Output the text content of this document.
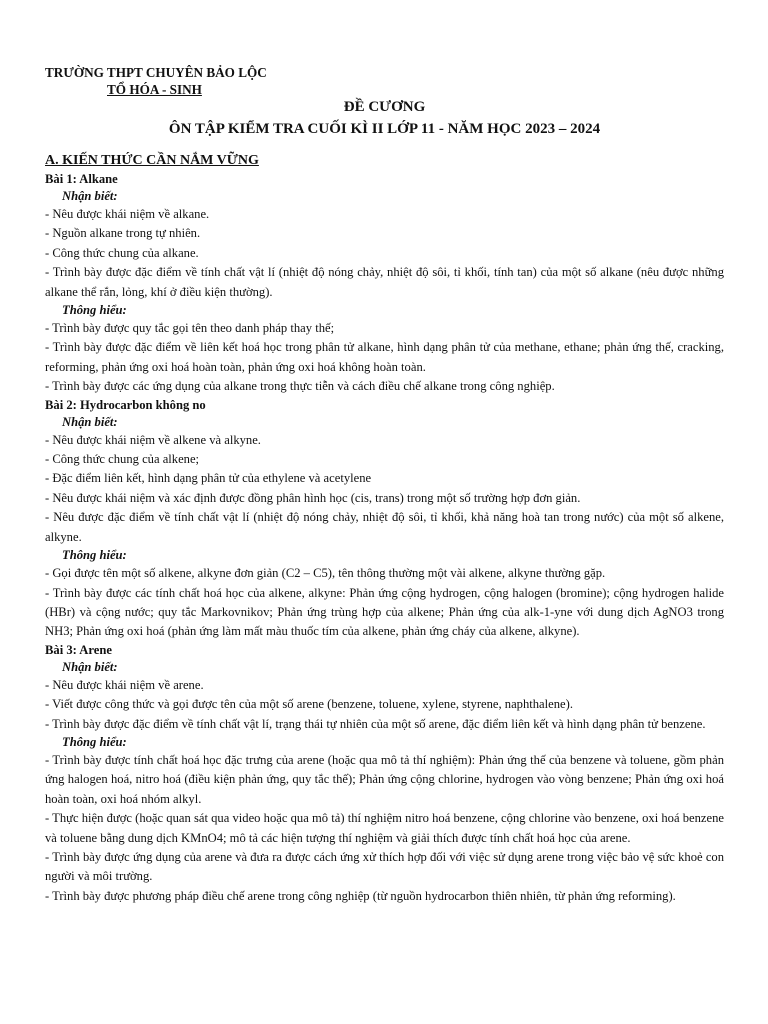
TRƯỜNG THPT CHUYÊN BẢO LỘC

TỔ HÓA - SINH

ĐỀ CƯƠNG

ÔN TẬP KIỂM TRA CUỐI KÌ II LỚP 11 - NĂM HỌC 2023 – 2024

A. KIẾN THỨC CẦN NẮM VỮNG

Bài 1: Alkane

Nhận biết:

- Nêu được khái niệm về alkane.

- Nguồn alkane trong tự nhiên.

- Công thức chung của alkane.

- Trình bày được đặc điểm về tính chất vật lí (nhiệt độ nóng chảy, nhiệt độ sôi, tỉ khối, tính tan) của một số alkane (nêu được những alkane thể rắn, lỏng, khí ở điều kiện thường).

Thông hiểu:

- Trình bày được quy tắc gọi tên theo danh pháp thay thế;

- Trình bày được đặc điểm về liên kết hoá học trong phân tử alkane, hình dạng phân tử của methane, ethane; phản ứng thế, cracking, reforming, phản ứng oxi hoá hoàn toàn, phản ứng oxi hoá không hoàn toàn.

- Trình bày được các ứng dụng của alkane trong thực tiễn và cách điều chế alkane trong công nghiệp.

Bài 2: Hydrocarbon không no

Nhận biết:

- Nêu được khái niệm về alkene và alkyne.

- Công thức chung của alkene;

- Đặc điểm liên kết, hình dạng phân tử của ethylene và acetylene

- Nêu được khái niệm và xác định được đồng phân hình học (cis, trans) trong một số trường hợp đơn giản.

- Nêu được đặc điểm về tính chất vật lí (nhiệt độ nóng chảy, nhiệt độ sôi, tỉ khối, khả năng hoà tan trong nước) của một số alkene, alkyne.

Thông hiểu:

- Gọi được tên một số alkene, alkyne đơn giản (C2 – C5), tên thông thường một vài alkene, alkyne thường gặp.

- Trình bày được các tính chất hoá học của alkene, alkyne: Phản ứng cộng hydrogen, cộng halogen (bromine); cộng hydrogen halide (HBr) và cộng nước; quy tắc Markovnikov; Phản ứng trùng hợp của alkene; Phản ứng của alk-1-yne với dung dịch AgNO3 trong NH3; Phản ứng oxi hoá (phản ứng làm mất màu thuốc tím của alkene, phản ứng cháy của alkene, alkyne).

Bài 3: Arene

Nhận biết:

- Nêu được khái niệm về arene.

- Viết được công thức và gọi được tên của một số arene (benzene, toluene, xylene, styrene, naphthalene).

- Trình bày được đặc điểm về tính chất vật lí, trạng thái tự nhiên của một số arene, đặc điểm liên kết và hình dạng phân tử benzene.

Thông hiểu:

- Trình bày được tính chất hoá học đặc trưng của arene (hoặc qua mô tả thí nghiệm): Phản ứng thế của benzene và toluene, gồm phản ứng halogen hoá, nitro hoá (điều kiện phản ứng, quy tắc thế); Phản ứng cộng chlorine, hydrogen vào vòng benzene; Phản ứng oxi hoá hoàn toàn, oxi hoá nhóm alkyl.

- Thực hiện được (hoặc quan sát qua video hoặc qua mô tả) thí nghiệm nitro hoá benzene, cộng chlorine vào benzene, oxi hoá benzene và toluene bằng dung dịch KMnO4; mô tả các hiện tượng thí nghiệm và giải thích được tính chất hoá học của arene.

- Trình bày được ứng dụng của arene và đưa ra được cách ứng xử thích hợp đối với việc sử dụng arene trong việc bảo vệ sức khoẻ con người và môi trường.

- Trình bày được phương pháp điều chế arene trong công nghiệp (từ nguồn hydrocarbon thiên nhiên, từ phản ứng reforming).
